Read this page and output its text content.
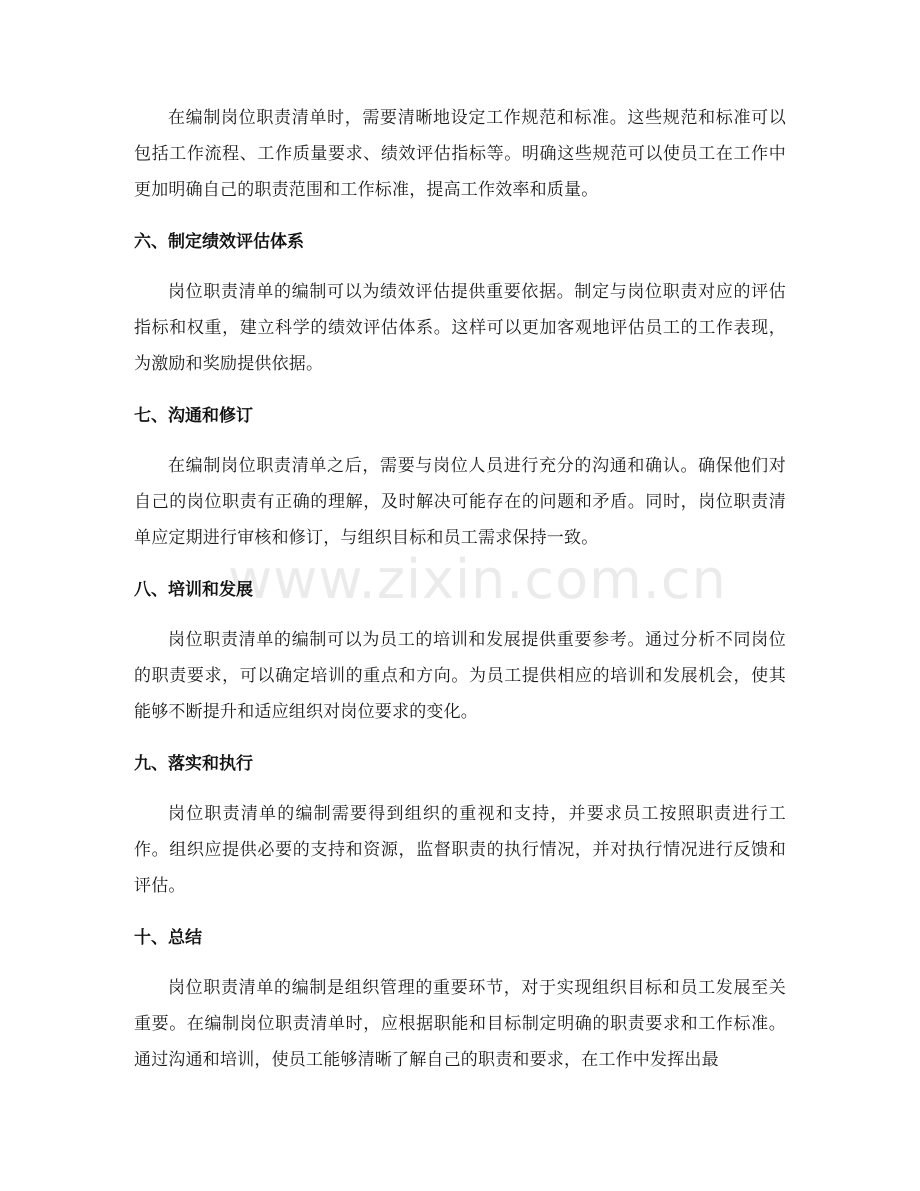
在编制岗位职责清单时，需要清晰地设定工作规范和标准。这些规范和标准可以包括工作流程、工作质量要求、绩效评估指标等。明确这些规范可以使员工在工作中更加明确自己的职责范围和工作标准，提高工作效率和质量。

六、制定绩效评估体系

岗位职责清单的编制可以为绩效评估提供重要依据。制定与岗位职责对应的评估指标和权重，建立科学的绩效评估体系。这样可以更加客观地评估员工的工作表现，为激励和奖励提供依据。

七、沟通和修订

在编制岗位职责清单之后，需要与岗位人员进行充分的沟通和确认。确保他们对自己的岗位职责有正确的理解，及时解决可能存在的问题和矛盾。同时，岗位职责清单应定期进行审核和修订，与组织目标和员工需求保持一致。

八、培训和发展

岗位职责清单的编制可以为员工的培训和发展提供重要参考。通过分析不同岗位的职责要求，可以确定培训的重点和方向。为员工提供相应的培训和发展机会，使其能够不断提升和适应组织对岗位要求的变化。

九、落实和执行

岗位职责清单的编制需要得到组织的重视和支持，并要求员工按照职责进行工作。组织应提供必要的支持和资源，监督职责的执行情况，并对执行情况进行反馈和评估。

十、总结

岗位职责清单的编制是组织管理的重要环节，对于实现组织目标和员工发展至关重要。在编制岗位职责清单时，应根据职能和目标制定明确的职责要求和工作标准。通过沟通和培训，使员工能够清晰了解自己的职责和要求，在工作中发挥出最

www.zixin.com.cn
